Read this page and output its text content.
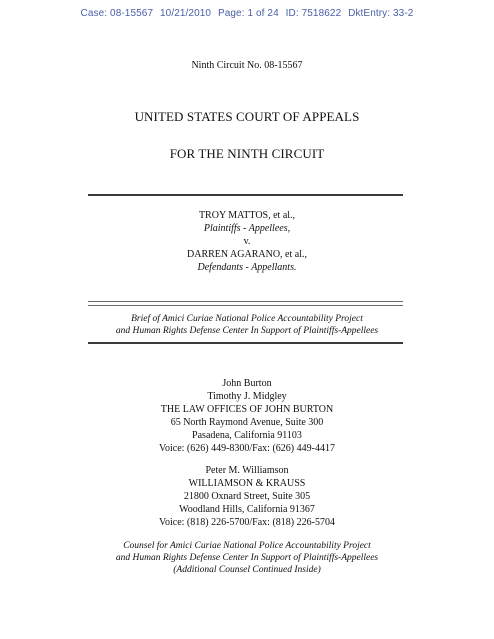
Case: 08-15567 10/21/2010 Page: 1 of 24 ID: 7518622 DktEntry: 33-2
Ninth Circuit No. 08-15567
UNITED STATES COURT OF APPEALS
FOR THE NINTH CIRCUIT
TROY MATTOS, et al.,
Plaintiffs - Appellees,
v.
DARREN AGARANO, et al.,
Defendants - Appellants.
Brief of Amici Curiae National Police Accountability Project
and Human Rights Defense Center In Support of Plaintiffs-Appellees
John Burton
Timothy J. Midgley
THE LAW OFFICES OF JOHN BURTON
65 North Raymond Avenue, Suite 300
Pasadena, California 91103
Voice: (626) 449-8300/Fax: (626) 449-4417
Peter M. Williamson
WILLIAMSON & KRAUSS
21800 Oxnard Street, Suite 305
Woodland Hills, California 91367
Voice: (818) 226-5700/Fax: (818) 226-5704
Counsel for Amici Curiae National Police Accountability Project
and Human Rights Defense Center In Support of Plaintiffs-Appellees
(Additional Counsel Continued Inside)
